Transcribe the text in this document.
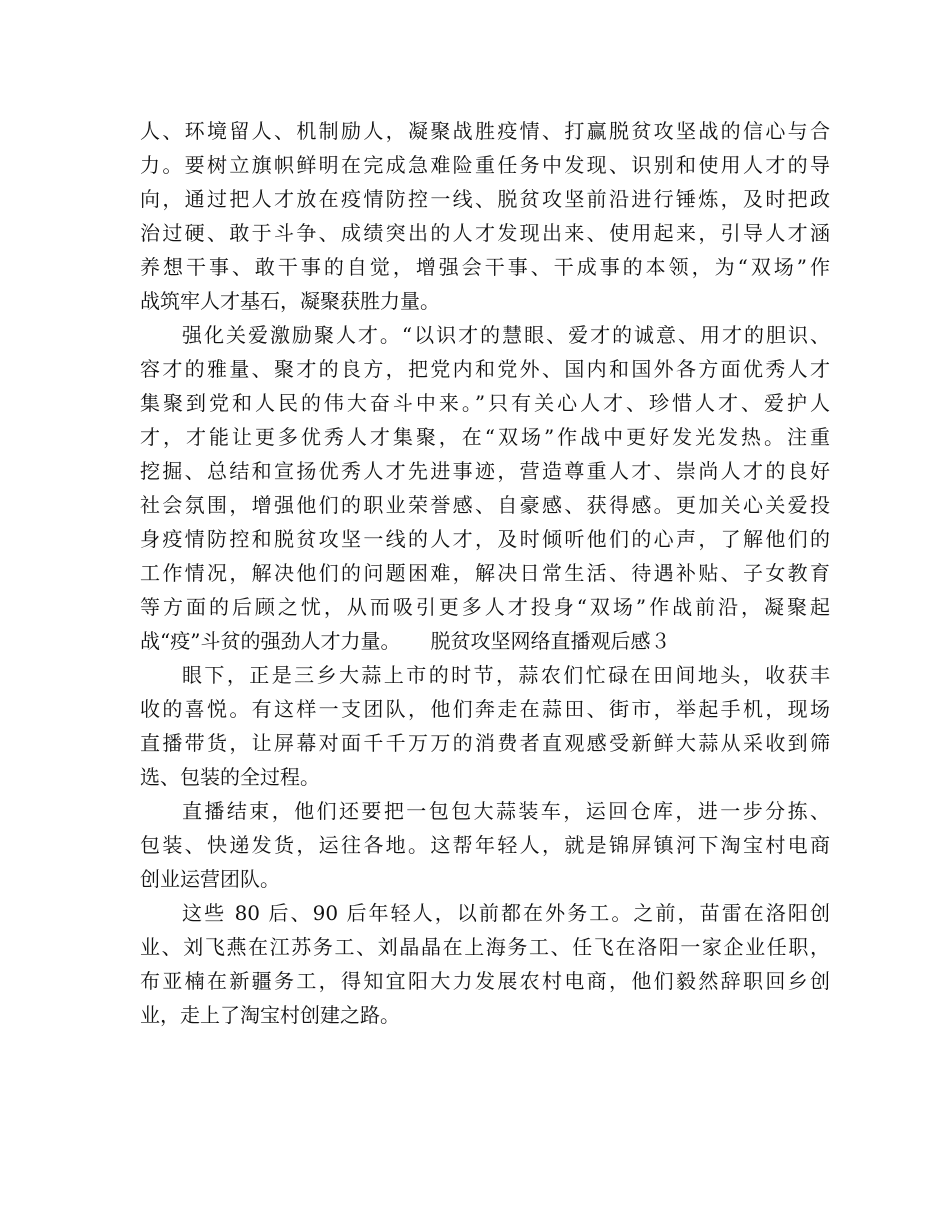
人、环境留人、机制励人，凝聚战胜疫情、打赢脱贫攻坚战的信心与合
力。要树立旗帜鲜明在完成急难险重任务中发现、识别和使用人才的导
向，通过把人才放在疫情防控一线、脱贫攻坚前沿进行锤炼，及时把政
治过硬、敢于斗争、成绩突出的人才发现出来、使用起来，引导人才涵
养想干事、敢干事的自觉，增强会干事、干成事的本领，为“双场”作
战筑牢人才基石，凝聚获胜力量。
强化关爱激励聚人才。“以识才的慧眼、爱才的诚意、用才的胆识、
容才的雅量、聚才的良方，把党内和党外、国内和国外各方面优秀人才
集聚到党和人民的伟大奋斗中来。”只有关心人才、珍惜人才、爱护人
才，才能让更多优秀人才集聚，在“双场”作战中更好发光发热。注重
挖掘、总结和宣扬优秀人才先进事迹，营造尊重人才、崇尚人才的良好
社会氛围，增强他们的职业荣誉感、自豪感、获得感。更加关心关爱投
身疫情防控和脱贫攻坚一线的人才，及时倾听他们的心声，了解他们的
工作情况，解决他们的问题困难，解决日常生活、待遇补贴、子女教育
等方面的后顾之忧，从而吸引更多人才投身“双场”作战前沿，凝聚起
战“疫”斗贫的强劲人才力量。　　脱贫攻坚网络直播观后感３
眼下，正是三乡大蒜上市的时节，蒜农们忙碌在田间地头，收获丰
收的喜悦。有这样一支团队，他们奔走在蒜田、街市，举起手机，现场
直播带货，让屏幕对面千千万万的消费者直观感受新鲜大蒜从采收到筛
选、包装的全过程。
直播结束，他们还要把一包包大蒜装车，运回仓库，进一步分拣、
包装、快递发货，运往各地。这帮年轻人，就是锦屏镇河下淘宝村电商
创业运营团队。
这些 80 后、90 后年轻人，以前都在外务工。之前，苗雷在洛阳创
业、刘飞燕在江苏务工、刘晶晶在上海务工、任飞在洛阳一家企业任职，
布亚楠在新疆务工，得知宜阳大力发展农村电商，他们毅然辞职回乡创
业，走上了淘宝村创建之路。
